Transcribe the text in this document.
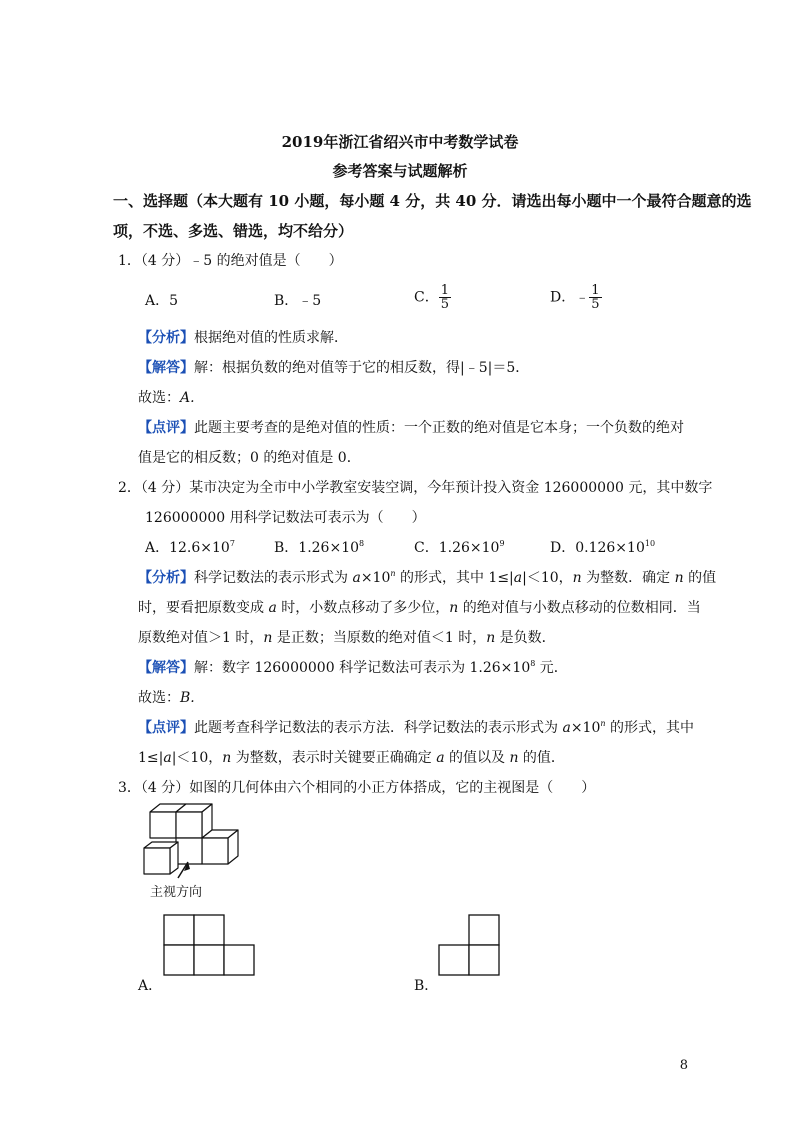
2019年浙江省绍兴市中考数学试卷
参考答案与试题解析
一、选择题（本大题有 10 小题，每小题 4 分，共 40 分．请选出每小题中一个最符合题意的选
项，不选、多选、错选，均不给分）
1．（4 分）﹣5 的绝对值是（　　）
A．5	B．﹣5	C． $\frac{1}{5}$	D．﹣ $\frac{1}{5}$
【分析】根据绝对值的性质求解．
【解答】解：根据负数的绝对值等于它的相反数，得|﹣5|＝5．
故选：A.
【点评】此题主要考查的是绝对值的性质：一个正数的绝对值是它本身；一个负数的绝对
值是它的相反数；0 的绝对值是 0．
2．（4 分）某市决定为全市中小学教室安装空调，今年预计投入资金 126000000 元，其中数字
126000000 用科学记数法可表示为（　　）
A．$12.6\times 10^7$	B．$1.26\times 10^8$	C．$1.26\times 10^9$	D．$0.126\times 10^{10}$
【分析】科学记数法的表示形式为 $a\times 10^n$ 的形式，其中 1≤|a|＜10，n 为整数．确定 n 的值
时，要看把原数变成 a 时，小数点移动了多少位，n 的绝对值与小数点移动的位数相同．当
原数绝对值＞1 时，n 是正数；当原数的绝对值＜1 时，n 是负数．
【解答】解：数字 126000000 科学记数法可表示为 $1.26\times 10^8$ 元．
故选：B.
【点评】此题考查科学记数法的表示方法．科学记数法的表示形式为 $a\times 10^n$ 的形式，其中
1≤|a|＜10，n 为整数，表示时关键要正确确定 a 的值以及 n 的值．
3．（4 分）如图的几何体由六个相同的小正方体搭成，它的主视图是（　　）
主视方向
A．	B．
8
